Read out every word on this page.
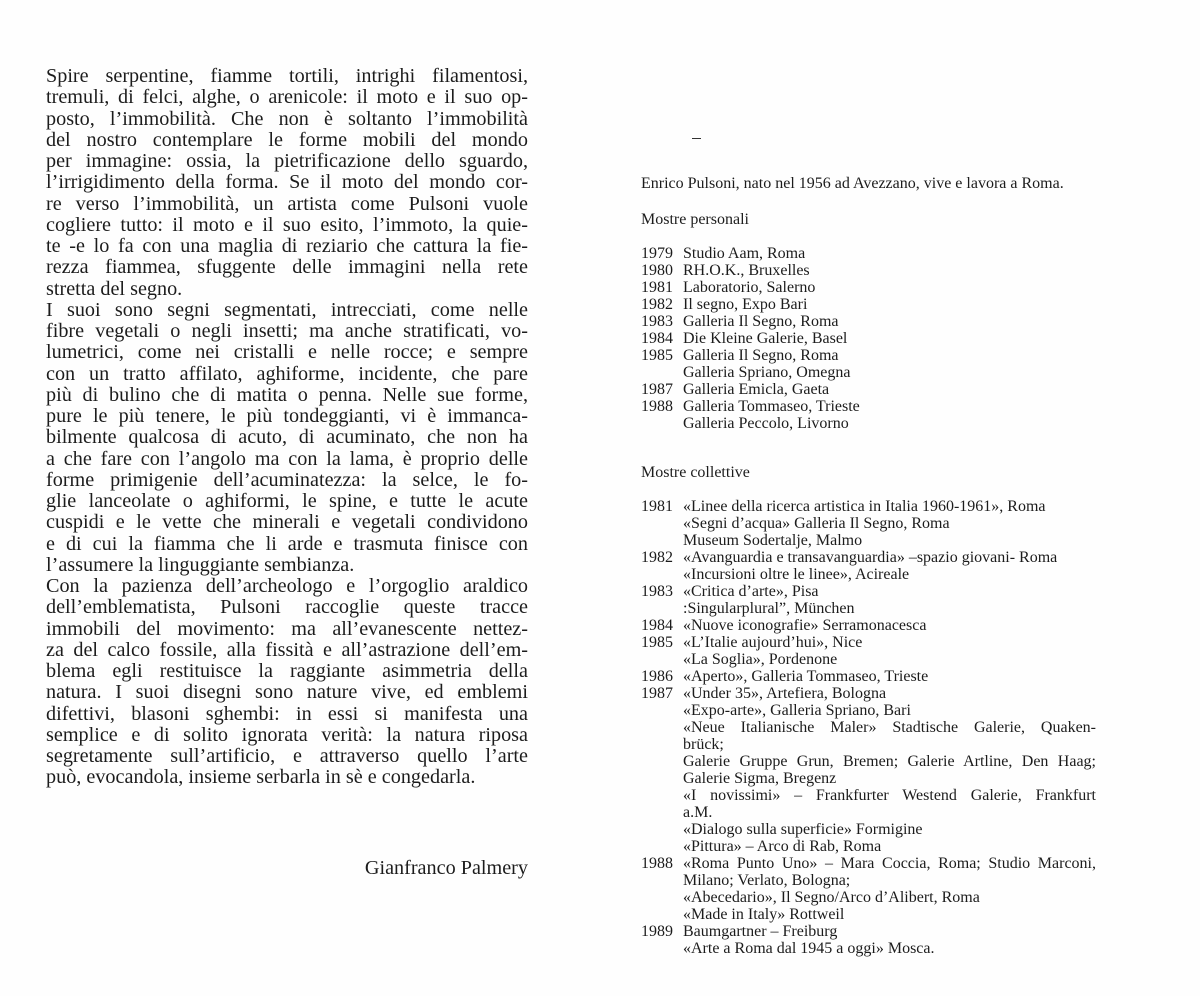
Spire serpentine, fiamme tortili, intrighi filamentosi,
tremuli, di felci, alghe, o arenicole: il moto e il suo op-
posto, l’immobilità. Che non è soltanto l’immobilità
del nostro contemplare le forme mobili del mondo
per immagine: ossia, la pietrificazione dello sguardo,
l’irrigidimento della forma. Se il moto del mondo cor-
re verso l’immobilità, un artista come Pulsoni vuole
cogliere tutto: il moto e il suo esito, l’immoto, la quie-
te -e lo fa con una maglia di reziario che cattura la fie-
rezza fiammea, sfuggente delle immagini nella rete
stretta del segno.
I suoi sono segni segmentati, intrecciati, come nelle
fibre vegetali o negli insetti; ma anche stratificati, vo-
lumetrici, come nei cristalli e nelle rocce; e sempre
con un tratto affilato, aghiforme, incidente, che pare
più di bulino che di matita o penna. Nelle sue forme,
pure le più tenere, le più tondeggianti, vi è immanca-
bilmente qualcosa di acuto, di acuminato, che non ha
a che fare con l’angolo ma con la lama, è proprio delle
forme primigenie dell’acuminatezza: la selce, le fo-
glie lanceolate o aghiformi, le spine, e tutte le acute
cuspidi e le vette che minerali e vegetali condividono
e di cui la fiamma che li arde e trasmuta finisce con
l’assumere la linguggiante sembianza.
Con la pazienza dell’archeologo e l’orgoglio araldico
dell’emblematista, Pulsoni raccoglie queste tracce
immobili del movimento: ma all’evanescente nettez-
za del calco fossile, alla fissità e all’astrazione dell’em-
blema egli restituisce la raggiante asimmetria della
natura. I suoi disegni sono nature vive, ed emblemi
difettivi, blasoni sghembi: in essi si manifesta una
semplice e di solito ignorata verità: la natura riposa
segretamente sull’artificio, e attraverso quello l’arte
può, evocandola, insieme serbarla in sè e congedarla.
Gianfranco Palmery

Enrico Pulsoni, nato nel 1956 ad Avezzano, vive e lavora a Roma.

Mostre personali

1979 Studio Aam, Roma
1980 RH.O.K., Bruxelles
1981 Laboratorio, Salerno
1982 Il segno, Expo Bari
1983 Galleria Il Segno, Roma
1984 Die Kleine Galerie, Basel
1985 Galleria Il Segno, Roma
Galleria Spriano, Omegna
1987 Galleria Emicla, Gaeta
1988 Galleria Tommaseo, Trieste
Galleria Peccolo, Livorno

Mostre collettive

1981 «Linee della ricerca artistica in Italia 1960-1961», Roma
«Segni d’acqua» Galleria Il Segno, Roma
Museum Sodertalje, Malmo
1982 «Avanguardia e transavanguardia» –spazio giovani- Roma
«Incursioni oltre le linee», Acireale
1983 «Critica d’arte», Pisa
:Singularplural”, München
1984 «Nuove iconografie» Serramonacesca
1985 «L’Italie aujourd’hui», Nice
«La Soglia», Pordenone
1986 «Aperto», Galleria Tommaseo, Trieste
1987 «Under 35», Artefiera, Bologna
«Expo-arte», Galleria Spriano, Bari
«Neue Italianische Maler» Stadtische Galerie, Quaken-
brück;
Galerie Gruppe Grun, Bremen; Galerie Artline, Den Haag;
Galerie Sigma, Bregenz
«I novissimi» – Frankfurter Westend Galerie, Frankfurt
a.M.
«Dialogo sulla superficie» Formigine
«Pittura» – Arco di Rab, Roma
1988 «Roma Punto Uno» – Mara Coccia, Roma; Studio Marconi,
Milano; Verlato, Bologna;
«Abecedario», Il Segno/Arco d’Alibert, Roma
«Made in Italy» Rottweil
1989 Baumgartner – Freiburg
«Arte a Roma dal 1945 a oggi» Mosca.
